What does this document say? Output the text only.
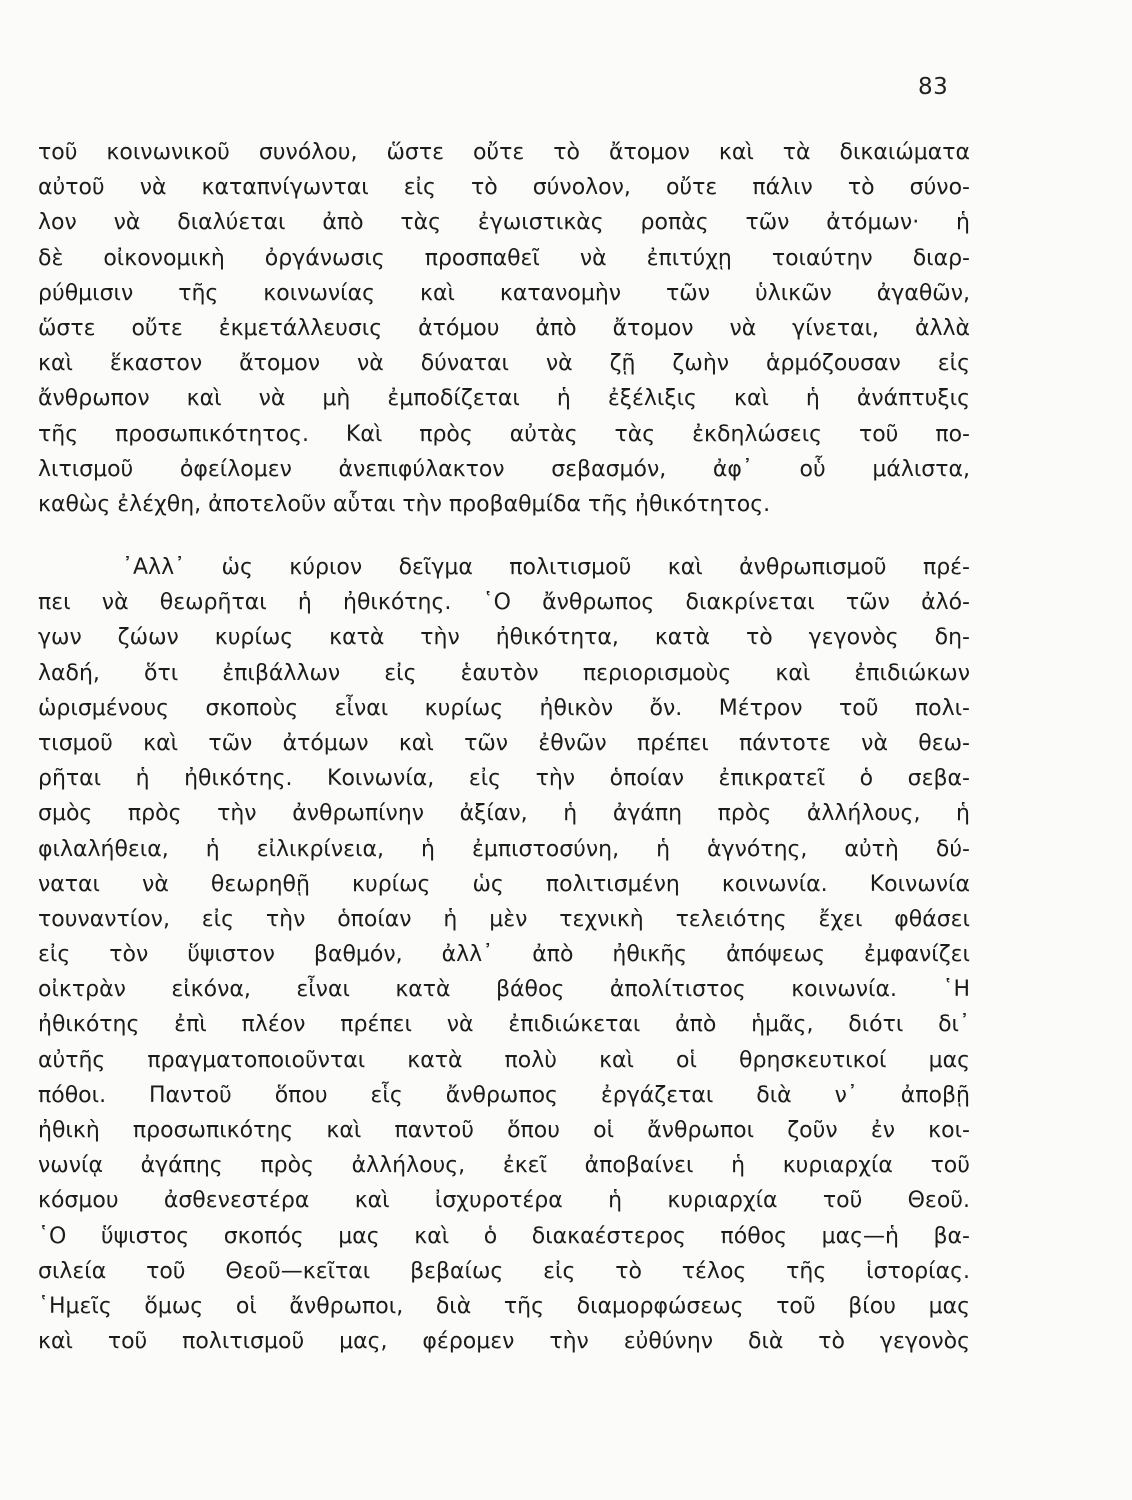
83
τοῦ κοινωνικοῦ συνόλου, ὥστε οὔτε τὸ ἄτομον καὶ τὰ δικαιώματα
αὐτοῦ νὰ καταπνίγωνται εἰς τὸ σύνολον, οὔτε πάλιν τὸ σύνο-
λον νὰ διαλύεται ἀπὸ τὰς ἐγωιστικὰς ροπὰς τῶν ἀτόμων· ἡ
δὲ οἰκονομικὴ ὀργάνωσις προσπαθεῖ νὰ ἐπιτύχῃ τοιαύτην διαρ-
ρύθμισιν τῆς κοινωνίας καὶ κατανομὴν τῶν ὑλικῶν ἀγαθῶν,
ὥστε οὔτε ἐκμετάλλευσις ἀτόμου ἀπὸ ἄτομον νὰ γίνεται, ἀλλὰ
καὶ ἕκαστον ἄτομον νὰ δύναται νὰ ζῇ ζωὴν ἁρμόζουσαν εἰς
ἄνθρωπον καὶ νὰ μὴ ἐμποδίζεται ἡ ἐξέλιξις καὶ ἡ ἀνάπτυξις
τῆς προσωπικότητος. Καὶ πρὸς αὐτὰς τὰς ἐκδηλώσεις τοῦ πο-
λιτισμοῦ ὀφείλομεν ἀνεπιφύλακτον σεβασμόν, ἀφ᾽ οὗ μάλιστα,
καθὼς ἐλέχθη, ἀποτελοῦν αὗται τὴν προβαθμίδα τῆς ἠθικότητος.
᾽Αλλ᾽ ὡς κύριον δεῖγμα πολιτισμοῦ καὶ ἀνθρωπισμοῦ πρέ-
πει νὰ θεωρῆται ἡ ἠθικότης. ῾Ο ἄνθρωπος διακρίνεται τῶν ἀλό-
γων ζώων κυρίως κατὰ τὴν ἠθικότητα, κατὰ τὸ γεγονὸς δη-
λαδή, ὅτι ἐπιβάλλων εἰς ἑαυτὸν περιορισμοὺς καὶ ἐπιδιώκων
ὡρισμένους σκοποὺς εἶναι κυρίως ἠθικὸν ὄν. Μέτρον τοῦ πολι-
τισμοῦ καὶ τῶν ἀτόμων καὶ τῶν ἐθνῶν πρέπει πάντοτε νὰ θεω-
ρῆται ἡ ἠθικότης. Κοινωνία, εἰς τὴν ὁποίαν ἐπικρατεῖ ὁ σεβα-
σμὸς πρὸς τὴν ἀνθρωπίνην ἀξίαν, ἡ ἀγάπη πρὸς ἀλλήλους, ἡ
φιλαλήθεια, ἡ εἰλικρίνεια, ἡ ἐμπιστοσύνη, ἡ ἁγνότης, αὐτὴ δύ-
ναται νὰ θεωρηθῇ κυρίως ὡς πολιτισμένη κοινωνία. Κοινωνία
τουναντίον, εἰς τὴν ὁποίαν ἡ μὲν τεχνικὴ τελειότης ἔχει φθάσει
εἰς τὸν ὕψιστον βαθμόν, ἀλλ᾽ ἀπὸ ἠθικῆς ἀπόψεως ἐμφανίζει
οἰκτρὰν εἰκόνα, εἶναι κατὰ βάθος ἀπολίτιστος κοινωνία. ῾Η
ἠθικότης ἐπὶ πλέον πρέπει νὰ ἐπιδιώκεται ἀπὸ ἡμᾶς, διότι δι᾽
αὐτῆς πραγματοποιοῦνται κατὰ πολὺ καὶ οἱ θρησκευτικοί μας
πόθοι. Παντοῦ ὅπου εἷς ἄνθρωπος ἐργάζεται διὰ ν᾽ ἀποβῇ
ἠθικὴ προσωπικότης καὶ παντοῦ ὅπου οἱ ἄνθρωποι ζοῦν ἐν κοι-
νωνίᾳ ἀγάπης πρὸς ἀλλήλους, ἐκεῖ ἀποβαίνει ἡ κυριαρχία τοῦ
κόσμου ἀσθενεστέρα καὶ ἰσχυροτέρα ἡ κυριαρχία τοῦ Θεοῦ.
῾Ο ὕψιστος σκοπός μας καὶ ὁ διακαέστερος πόθος μας—ἡ βα-
σιλεία τοῦ Θεοῦ—κεῖται βεβαίως εἰς τὸ τέλος τῆς ἱστορίας.
῾Ημεῖς ὅμως οἱ ἄνθρωποι, διὰ τῆς διαμορφώσεως τοῦ βίου μας
καὶ τοῦ πολιτισμοῦ μας, φέρομεν τὴν εὐθύνην διὰ τὸ γεγονὸς
